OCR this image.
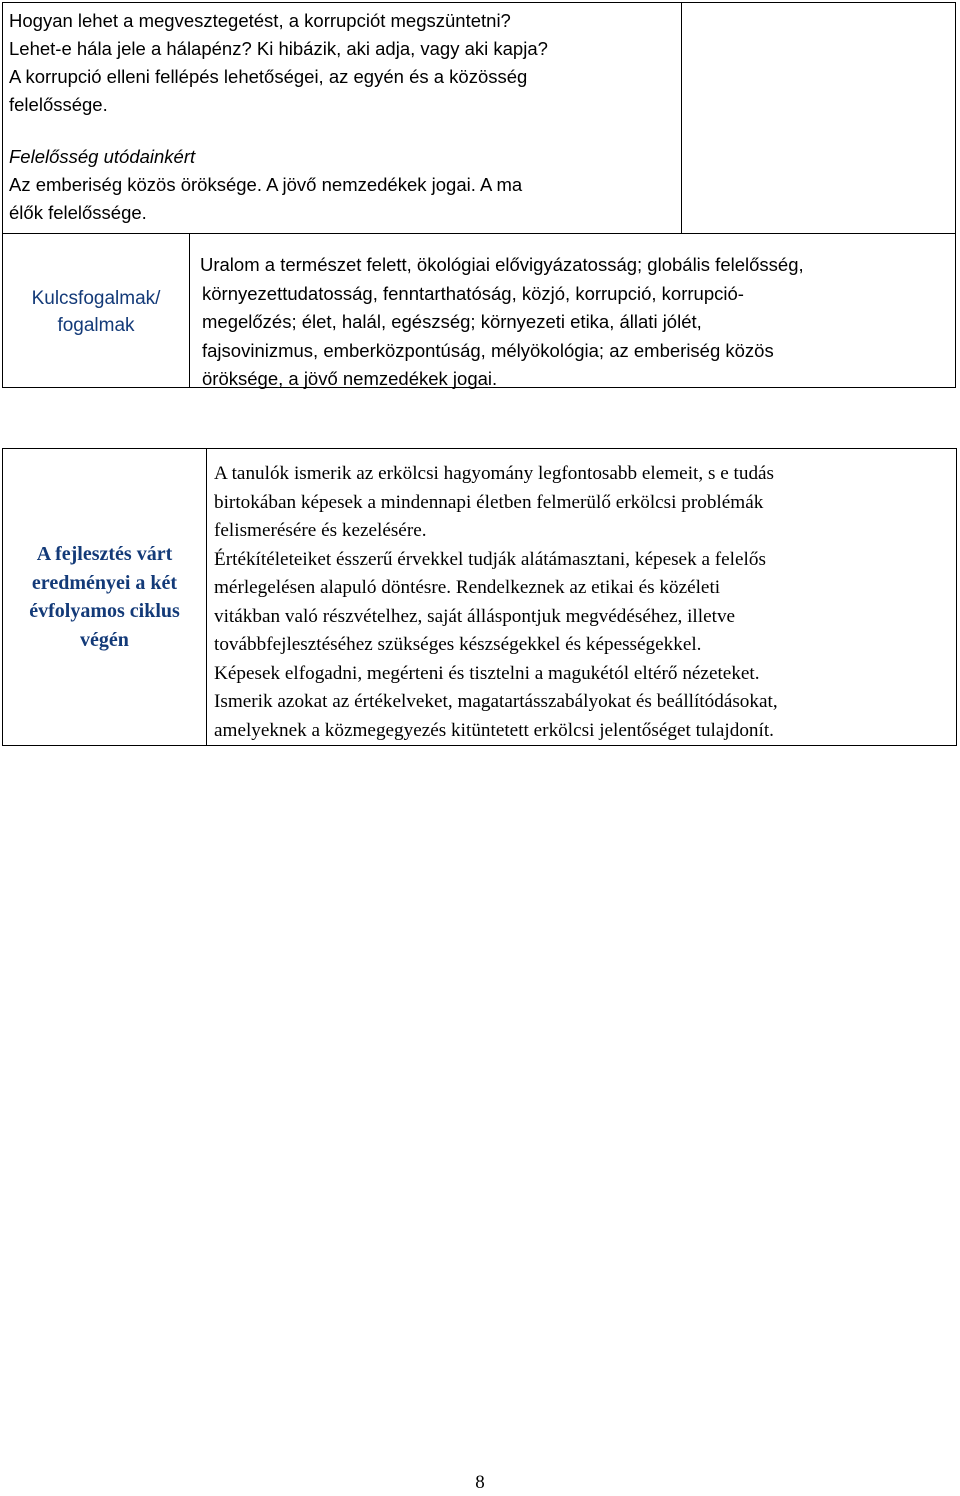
Hogyan lehet a megvesztegetést, a korrupciót megszüntetni?

Lehet-e hála jele a hálapénz? Ki hibázik, aki adja, vagy aki kapja?

A korrupció elleni fellépés lehetőségei, az egyén és a közösség

felelőssége.

Felelősség utódainkért

Az emberiség közös öröksége. A jövő nemzedékek jogai. A ma

élők felelőssége.

Kulcsfogalmak/
fogalmak

Uralom a természet felett, ökológiai elővigyázatosság; globális felelősség,

környezettudatosság, fenntarthatóság, közjó, korrupció, korrupció-

megelőzés; élet, halál, egészség; környezeti etika, állati jólét,

fajsovinizmus, emberközpontúság, mélyökológia; az emberiség közös

öröksége, a jövő nemzedékek jogai.

A fejlesztés várt
eredményei a két
évfolyamos ciklus
végén

A tanulók ismerik az erkölcsi hagyomány legfontosabb elemeit, s e tudás

birtokában képesek a mindennapi életben felmerülő erkölcsi problémák

felismerésére és kezelésére.

Értékítéleteiket ésszerű érvekkel tudják alátámasztani, képesek a felelős

mérlegelésen alapuló döntésre. Rendelkeznek az etikai és közéleti

vitákban való részvételhez, saját álláspontjuk megvédéséhez, illetve

továbbfejlesztéséhez szükséges készségekkel és képességekkel.

Képesek elfogadni, megérteni és tisztelni a magukétól eltérő nézeteket.

Ismerik azokat az értékelveket, magatartásszabályokat és beállítódásokat,

amelyeknek a közmegegyezés kitüntetett erkölcsi jelentőséget tulajdonít.

8
